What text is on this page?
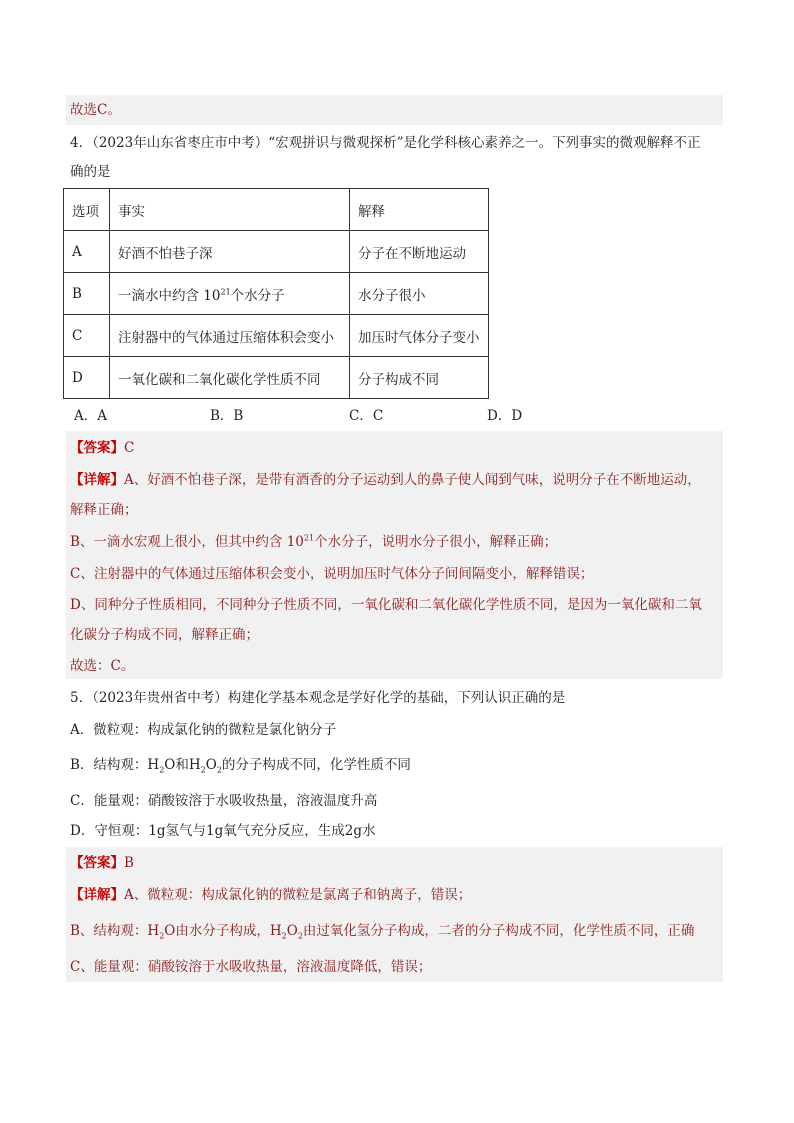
故选C。
4．（2023年山东省枣庄市中考）“宏观拼识与微观探析”是化学科核心素养之一。下列事实的微观解释不正
确的是
选项	事实	解释
A	好酒不怕巷子深	分子在不断地运动
B	一滴水中约含 $10^{21}$个水分子	水分子很小
C	注射器中的气体通过压缩体积会变小	加压时气体分子变小
D	一氧化碳和二氧化碳化学性质不同	分子构成不同
A．A	B．B	C．C	D．D
【答案】C
【详解】A、好酒不怕巷子深，是带有酒香的分子运动到人的鼻子使人闻到气味，说明分子在不断地运动，
解释正确；
B、一滴水宏观上很小，但其中约含 $10^{21}$个水分子，说明水分子很小，解释正确；
C、注射器中的气体通过压缩体积会变小，说明加压时气体分子间间隔变小，解释错误；
D、同种分子性质相同，不同种分子性质不同，一氧化碳和二氧化碳化学性质不同，是因为一氧化碳和二氧
化碳分子构成不同，解释正确；
故选：C。
5．（2023年贵州省中考）构建化学基本观念是学好化学的基础，下列认识正确的是
A．微粒观：构成氯化钠的微粒是氯化钠分子
B．结构观：$H_2O$和$H_2O_2$的分子构成不同，化学性质不同
C．能量观：硝酸铵溶于水吸收热量，溶液温度升高
D．守恒观：1g氢气与1g氧气充分反应，生成2g水
【答案】B
【详解】A、微粒观：构成氯化钠的微粒是氯离子和钠离子，错误；
B、结构观：$H_2O$由水分子构成，$H_2O_2$由过氧化氢分子构成，二者的分子构成不同，化学性质不同，正确
C、能量观：硝酸铵溶于水吸收热量，溶液温度降低，错误；
